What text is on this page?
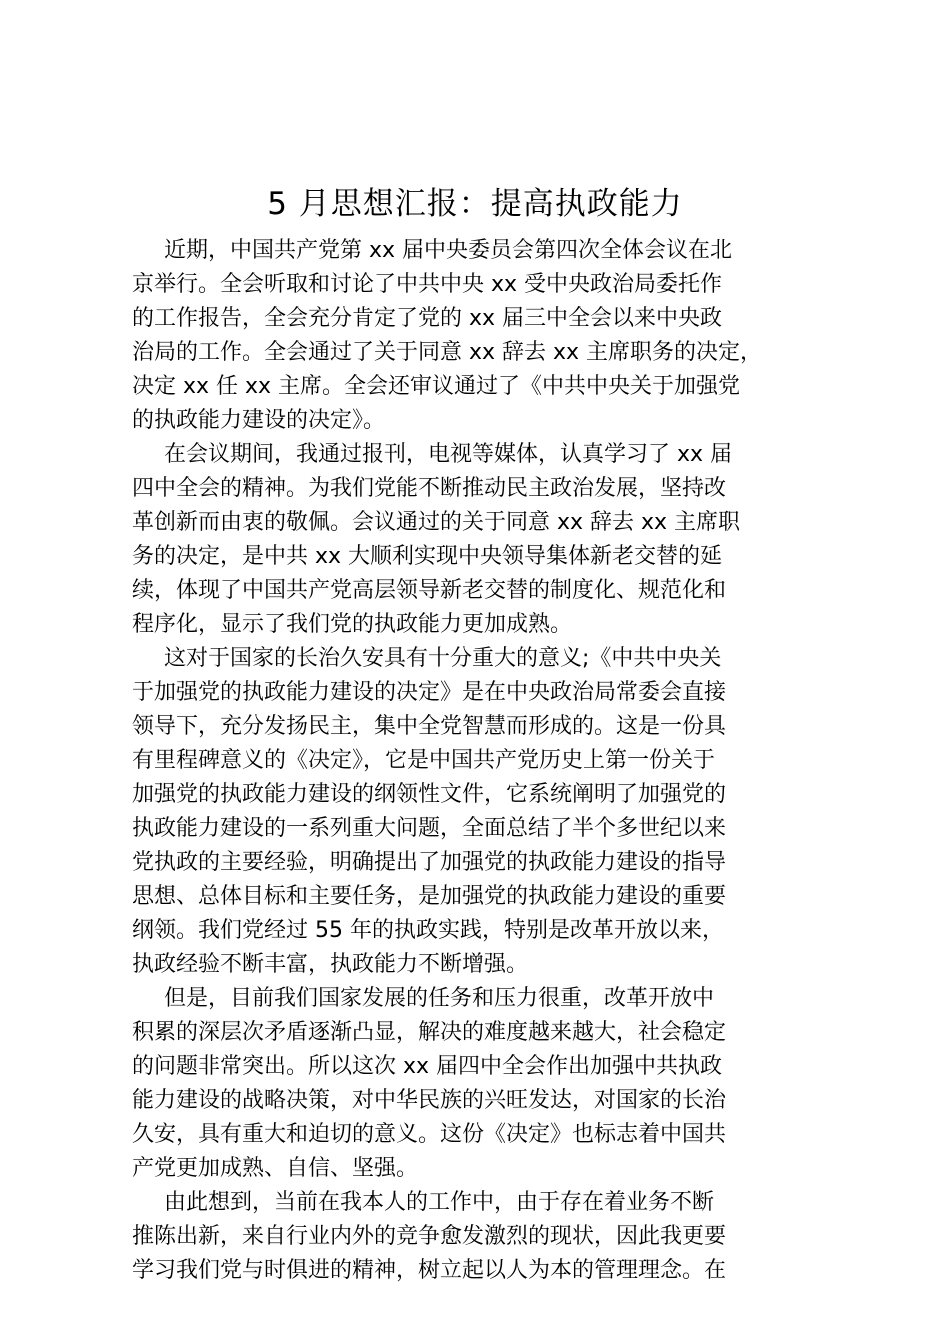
5 月思想汇报：提高执政能力
近期，中国共产党第 xx 届中央委员会第四次全体会议在北
京举行。全会听取和讨论了中共中央 xx 受中央政治局委托作
的工作报告，全会充分肯定了党的 xx 届三中全会以来中央政
治局的工作。全会通过了关于同意 xx 辞去 xx 主席职务的决定，
决定 xx 任 xx 主席。全会还审议通过了《中共中央关于加强党
的执政能力建设的决定》。
在会议期间，我通过报刊，电视等媒体，认真学习了 xx 届
四中全会的精神。为我们党能不断推动民主政治发展，坚持改
革创新而由衷的敬佩。会议通过的关于同意 xx 辞去 xx 主席职
务的决定，是中共 xx 大顺利实现中央领导集体新老交替的延
续，体现了中国共产党高层领导新老交替的制度化、规范化和
程序化，显示了我们党的执政能力更加成熟。
这对于国家的长治久安具有十分重大的意义;《中共中央关
于加强党的执政能力建设的决定》是在中央政治局常委会直接
领导下，充分发扬民主，集中全党智慧而形成的。这是一份具
有里程碑意义的《决定》，它是中国共产党历史上第一份关于
加强党的执政能力建设的纲领性文件，它系统阐明了加强党的
执政能力建设的一系列重大问题，全面总结了半个多世纪以来
党执政的主要经验，明确提出了加强党的执政能力建设的指导
思想、总体目标和主要任务，是加强党的执政能力建设的重要
纲领。我们党经过 55 年的执政实践，特别是改革开放以来，
执政经验不断丰富，执政能力不断增强。
但是，目前我们国家发展的任务和压力很重，改革开放中
积累的深层次矛盾逐渐凸显，解决的难度越来越大，社会稳定
的问题非常突出。所以这次 xx 届四中全会作出加强中共执政
能力建设的战略决策，对中华民族的兴旺发达，对国家的长治
久安，具有重大和迫切的意义。这份《决定》也标志着中国共
产党更加成熟、自信、坚强。
由此想到，当前在我本人的工作中，由于存在着业务不断
推陈出新，来自行业内外的竞争愈发激烈的现状，因此我更要
学习我们党与时俱进的精神，树立起以人为本的管理理念。在
